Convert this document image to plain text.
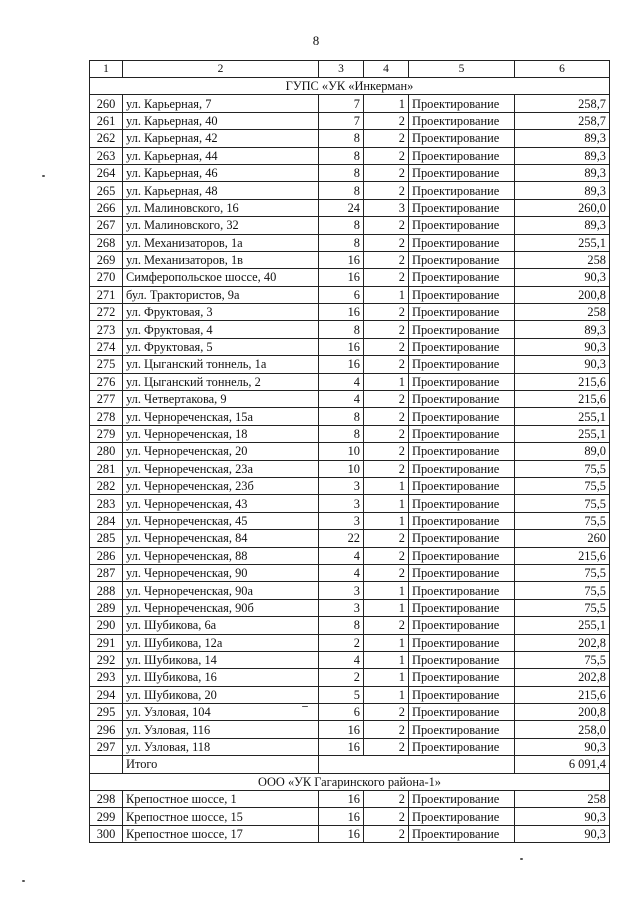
8
1	2	3	4	5	6
ГУПС «УК «Инкерман»					
260	ул. Карьерная, 7	7	1	Проектирование	258,7
261	ул. Карьерная, 40	7	2	Проектирование	258,7
262	ул. Карьерная, 42	8	2	Проектирование	89,3
263	ул. Карьерная, 44	8	2	Проектирование	89,3
264	ул. Карьерная, 46	8	2	Проектирование	89,3
265	ул. Карьерная, 48	8	2	Проектирование	89,3
266	ул. Малиновского, 16	24	3	Проектирование	260,0
267	ул. Малиновского, 32	8	2	Проектирование	89,3
268	ул. Механизаторов, 1а	8	2	Проектирование	255,1
269	ул. Механизаторов, 1в	16	2	Проектирование	258
270	Симферопольское шоссе, 40	16	2	Проектирование	90,3
271	бул. Трактористов, 9а	6	1	Проектирование	200,8
272	ул. Фруктовая, 3	16	2	Проектирование	258
273	ул. Фруктовая, 4	8	2	Проектирование	89,3
274	ул. Фруктовая, 5	16	2	Проектирование	90,3
275	ул. Цыганский тоннель, 1а	16	2	Проектирование	90,3
276	ул. Цыганский тоннель, 2	4	1	Проектирование	215,6
277	ул. Четвертакова, 9	4	2	Проектирование	215,6
278	ул. Чернореченская, 15а	8	2	Проектирование	255,1
279	ул. Чернореченская, 18	8	2	Проектирование	255,1
280	ул. Чернореченская, 20	10	2	Проектирование	89,0
281	ул. Чернореченская, 23а	10	2	Проектирование	75,5
282	ул. Чернореченская, 23б	3	1	Проектирование	75,5
283	ул. Чернореченская, 43	3	1	Проектирование	75,5
284	ул. Чернореченская, 45	3	1	Проектирование	75,5
285	ул. Чернореченская, 84	22	2	Проектирование	260
286	ул. Чернореченская, 88	4	2	Проектирование	215,6
287	ул. Чернореченская, 90	4	2	Проектирование	75,5
288	ул. Чернореченская, 90а	3	1	Проектирование	75,5
289	ул. Чернореченская, 90б	3	1	Проектирование	75,5
290	ул. Шубикова, 6а	8	2	Проектирование	255,1
291	ул. Шубикова, 12а	2	1	Проектирование	202,8
292	ул. Шубикова, 14	4	1	Проектирование	75,5
293	ул. Шубикова, 16	2	1	Проектирование	202,8
294	ул. Шубикова, 20	5	1	Проектирование	215,6
295	ул. Узловая, 104	6	2	Проектирование	200,8
296	ул. Узловая, 116	16	2	Проектирование	258,0
297	ул. Узловая, 118	16	2	Проектирование	90,3
	Итого				6 091,4
ООО «УК Гагаринского района-1»					
298	Крепостное шоссе, 1	16	2	Проектирование	258
299	Крепостное шоссе, 15	16	2	Проектирование	90,3
300	Крепостное шоссе, 17	16	2	Проектирование	90,3
